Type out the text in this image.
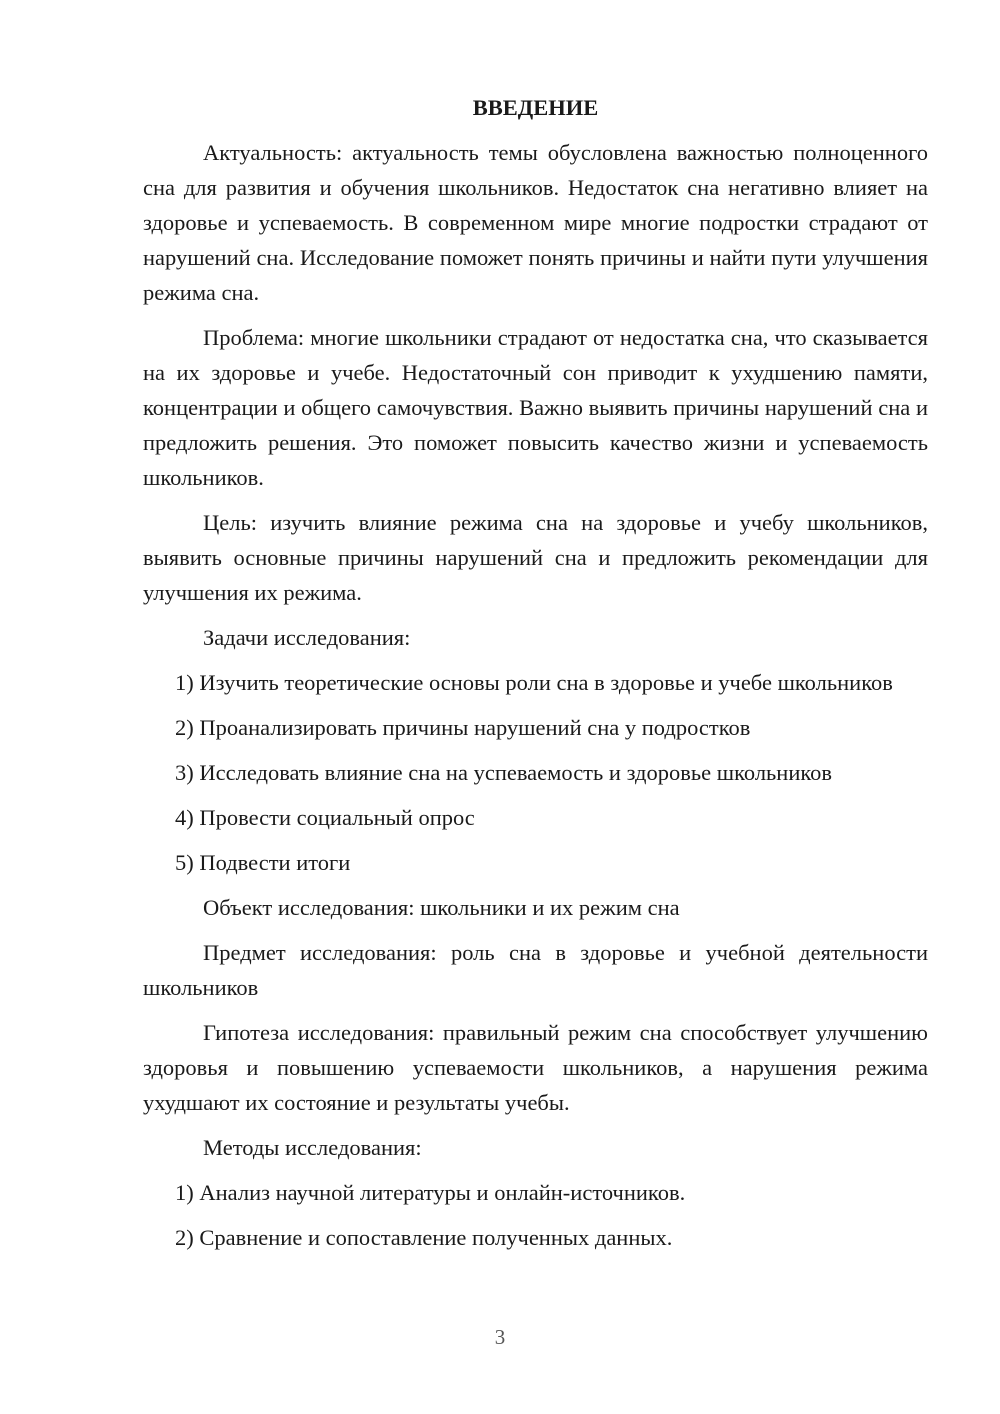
ВВЕДЕНИЕ

Актуальность: актуальность темы обусловлена важностью полноценного сна для развития и обучения школьников. Недостаток сна негативно влияет на здоровье и успеваемость. В современном мире многие подростки страдают от нарушений сна. Исследование поможет понять причины и найти пути улучшения режима сна.

Проблема: многие школьники страдают от недостатка сна, что сказывается на их здоровье и учебе. Недостаточный сон приводит к ухудшению памяти, концентрации и общего самочувствия. Важно выявить причины нарушений сна и предложить решения. Это поможет повысить качество жизни и успеваемость школьников.

Цель: изучить влияние режима сна на здоровье и учебу школьников, выявить основные причины нарушений сна и предложить рекомендации для улучшения их режима.

Задачи исследования:

1) Изучить теоретические основы роли сна в здоровье и учебе школьников

2) Проанализировать причины нарушений сна у подростков

3) Исследовать влияние сна на успеваемость и здоровье школьников

4) Провести социальный опрос

5) Подвести итоги

Объект исследования: школьники и их режим сна

Предмет исследования: роль сна в здоровье и учебной деятельности школьников

Гипотеза исследования: правильный режим сна способствует улучшению здоровья и повышению успеваемости школьников, а нарушения режима ухудшают их состояние и результаты учебы.

Методы исследования:

1) Анализ научной литературы и онлайн-источников.

2) Сравнение и сопоставление полученных данных.

3
